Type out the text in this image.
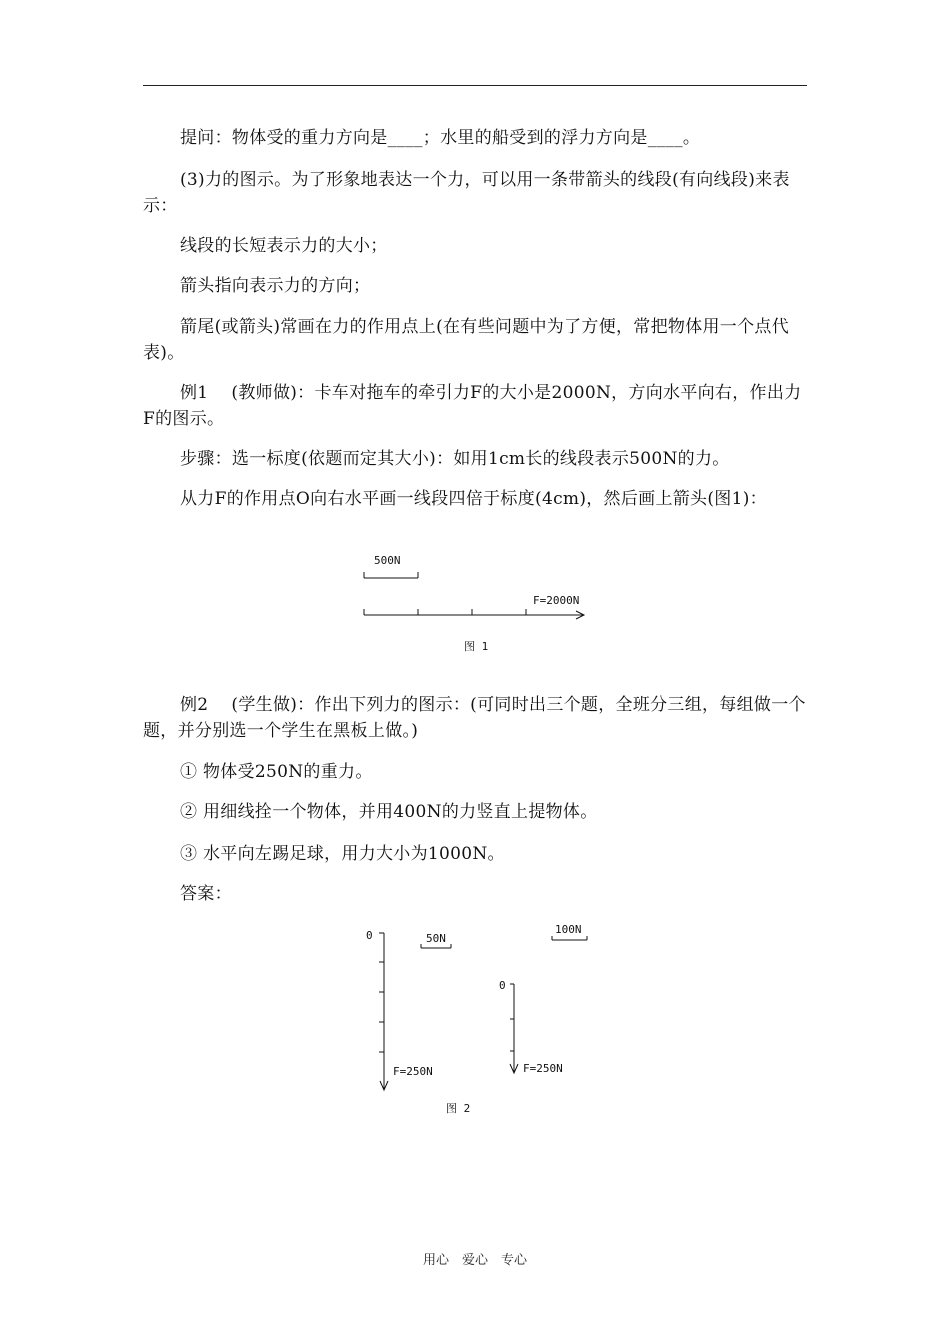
提问：物体受的重力方向是____；水里的船受到的浮力方向是____。

(3)力的图示。为了形象地表达一个力，可以用一条带箭头的线段(有向线段)来表示：

线段的长短表示力的大小；

箭头指向表示力的方向；

箭尾(或箭头)常画在力的作用点上(在有些问题中为了方便，常把物体用一个点代表)。

例1　 (教师做)：卡车对拖车的牵引力F的大小是2000N，方向水平向右，作出力F的图示。

步骤：选一标度(依题而定其大小)：如用1cm长的线段表示500N的力。

从力F的作用点O向右水平画一线段四倍于标度(4cm)，然后画上箭头(图1)：

500N
F=2000N
图 1

例2　 (学生做)：作出下列力的图示：(可同时出三个题，全班分三组，每组做一个题，并分别选一个学生在黑板上做。)

① 物体受250N的重力。

② 用细线拴一个物体，并用400N的力竖直上提物体。

③ 水平向左踢足球，用力大小为1000N。

答案：

0	50N
F=250N
100N
0
F=250N
图 2
用心　爱心　专心
